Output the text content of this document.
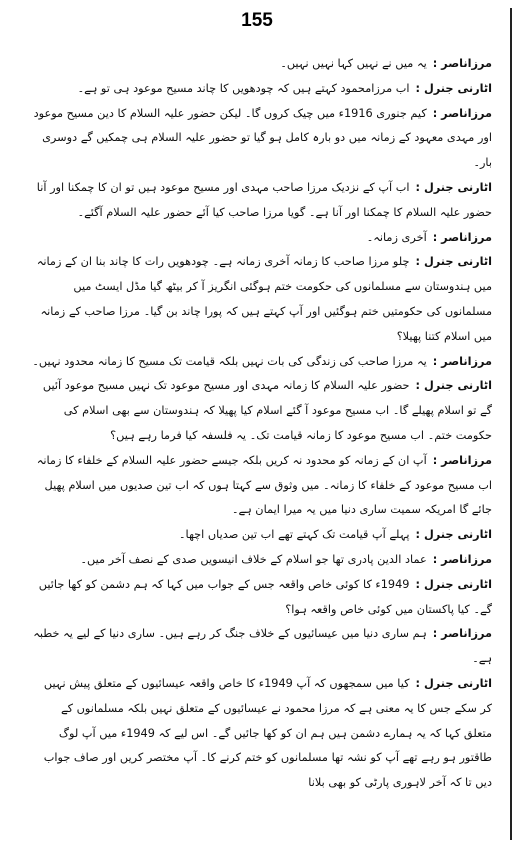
155

مرزاناصر :یہ میں نے نہیں کہا نہیں نہیں۔

اٹارنی جنرل :اب مرزامحمود کہتے ہیں کہ چودھویں کا چاند مسیح موعود ہی تو ہے۔

مرزاناصر :کیم جنوری 1916ء میں چیک کروں گا۔ لیکن حضور علیہ السلام کا دین مسیح موعود اور مہدی معہود کے زمانہ میں دو بارہ کامل ہو گیا تو حضور علیہ السلام ہی چمکیں گے دوسری بار۔

اٹارنی جنرل :اب آپ کے نزدیک مرزا صاحب مہدی اور مسیح موعود ہیں تو ان کا چمکنا اور آنا حضور علیہ السلام کا چمکنا اور آنا ہے۔ گویا مرزا صاحب کیا آئے حضور علیہ السلام آگئے۔

مرزاناصر :آخری زمانہ۔

اٹارنی جنرل :چلو مرزا صاحب کا زمانہ آخری زمانہ ہے۔ چودھویں رات کا چاند بنا ان کے زمانہ میں ہندوستان سے مسلمانوں کی حکومت ختم ہوگئی انگریز آ کر بیٹھ گیا مڈل ایسٹ میں مسلمانوں کی حکومتیں ختم ہوگئیں اور آپ کہتے ہیں کہ پورا چاند بن گیا۔ مرزا صاحب کے زمانہ میں اسلام کتنا پھیلا؟

مرزاناصر :یہ مرزا صاحب کی زندگی کی بات نہیں بلکہ قیامت تک مسیح کا زمانہ محدود نہیں۔

اٹارنی جنرل :حضور علیہ السلام کا زمانہ مہدی اور مسیح موعود تک نہیں مسیح موعود آئیں گے تو اسلام پھیلے گا۔ اب مسیح موعود آ گئے اسلام کیا پھیلا کہ ہندوستان سے بھی اسلام کی حکومت ختم۔ اب مسیح موعود کا زمانہ قیامت تک۔ یہ فلسفہ کیا فرما رہے ہیں؟

مرزاناصر :آپ ان کے زمانہ کو محدود نہ کریں بلکہ جیسے حضور علیہ السلام کے خلفاء کا زمانہ اب مسیح موعود کے خلفاء کا زمانہ۔ میں وثوق سے کہتا ہوں کہ اب تین صدیوں میں اسلام پھیل جائے گا امریکہ سمیت ساری دنیا میں یہ میرا ایمان ہے۔

اٹارنی جنرل :پہلے آپ قیامت تک کہتے تھے اب تین صدیاں اچھا۔

مرزاناصر :عماد الدین پادری تھا جو اسلام کے خلاف انیسویں صدی کے نصف آخر میں۔

اٹارنی جنرل :1949ء کا کوئی خاص واقعہ جس کے جواب میں کہا کہ ہم دشمن کو کھا جائیں گے۔ کیا پاکستان میں کوئی خاص واقعہ ہوا؟

مرزاناصر :ہم ساری دنیا میں عیسائیوں کے خلاف جنگ کر رہے ہیں۔ ساری دنیا کے لیے یہ خطبہ ہے۔

اٹارنی جنرل :کیا میں سمجھوں کہ آپ 1949ء کا خاص واقعہ عیسائیوں کے متعلق پیش نہیں کر سکے جس کا یہ معنی ہے کہ مرزا محمود نے عیسائیوں کے متعلق نہیں بلکہ مسلمانوں کے متعلق کہا کہ یہ ہمارے دشمن ہیں ہم ان کو کھا جائیں گے۔ اس لیے کہ 1949ء میں آپ لوگ طاقتور ہو رہے تھے آپ کو نشہ تھا مسلمانوں کو ختم کرنے کا۔ آپ مختصر کریں اور صاف جواب دیں تا کہ آخر لاہوری پارٹی کو بھی بلانا
